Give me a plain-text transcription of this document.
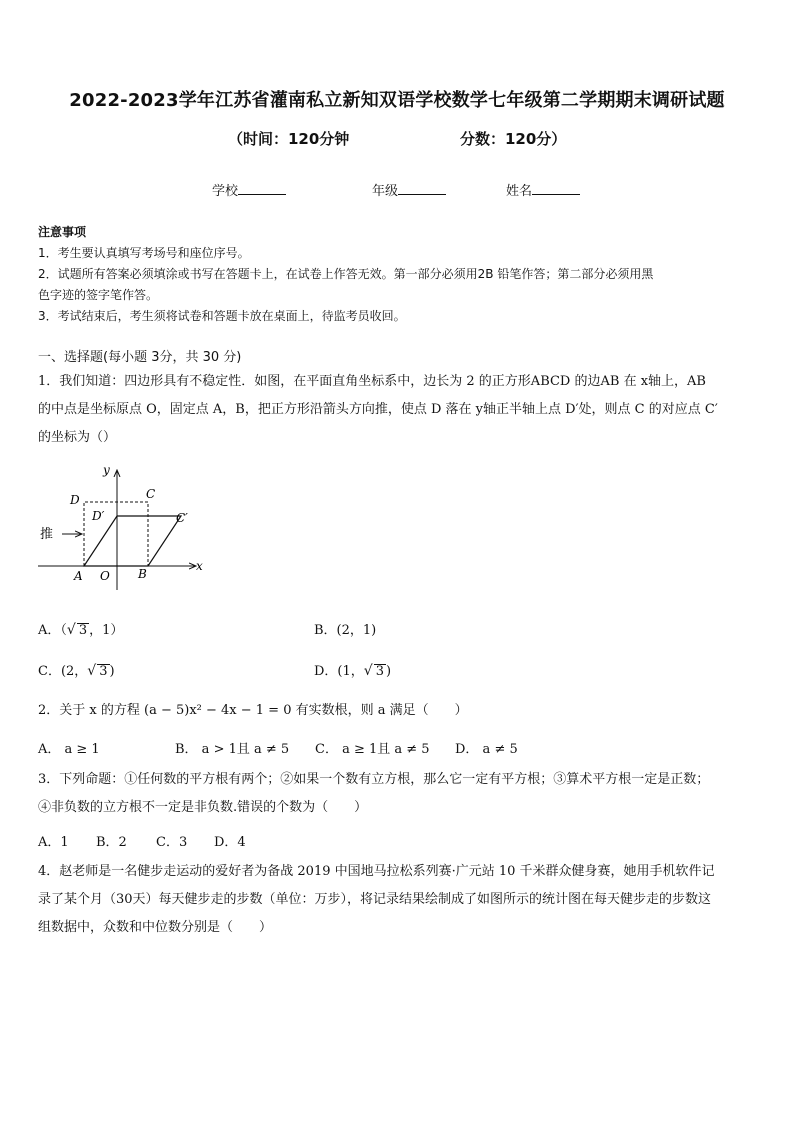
2022-2023学年江苏省灌南私立新知双语学校数学七年级第二学期期末调研试题
（时间：120分钟	分数：120分）
学校	年级	姓名
注意事项
1．考生要认真填写考场号和座位序号。
2．试题所有答案必须填涂或书写在答题卡上，在试卷上作答无效。第一部分必须用2B 铅笔作答；第二部分必须用黑
色字迹的签字笔作答。
3．考试结束后，考生须将试卷和答题卡放在桌面上，待监考员收回。
一、选择题(每小题 3分，共 30 分)
1．我们知道：四边形具有不稳定性．如图，在平面直角坐标系中，边长为 2 的正方形ABCD 的边AB 在 x轴上，AB
的中点是坐标原点 O，固定点 A，B，把正方形沿箭头方向推，使点 D 落在 y轴正半轴上点 D′处，则点 C 的对应点 C′
的坐标为（）
推
y
x
D	C
D′	C′
A O B
A．（√ 3 ，1）	B．(2，1)
C．(2，√ 3 )	D．(1，√ 3 )
2．关于 x 的方程 (a − 5)x² − 4x − 1 = 0 有实数根，则 a 满足（　　）
A． a ≥ 1	B． a > 1且 a ≠ 5 C． a ≥ 1且 a ≠ 5 D． a ≠ 5
3．下列命题：①任何数的平方根有两个；②如果一个数有立方根，那么它一定有平方根；③算术平方根一定是正数；
④非负数的立方根不一定是非负数.错误的个数为（　　）
A．1 B．2 C．3 D．4
4．赵老师是一名健步走运动的爱好者为备战 2019 中国地马拉松系列赛·广元站 10 千米群众健身赛，她用手机软件记
录了某个月（30天）每天健步走的步数（单位：万步），将记录结果绘制成了如图所示的统计图在每天健步走的步数这
组数据中，众数和中位数分别是（　　）
